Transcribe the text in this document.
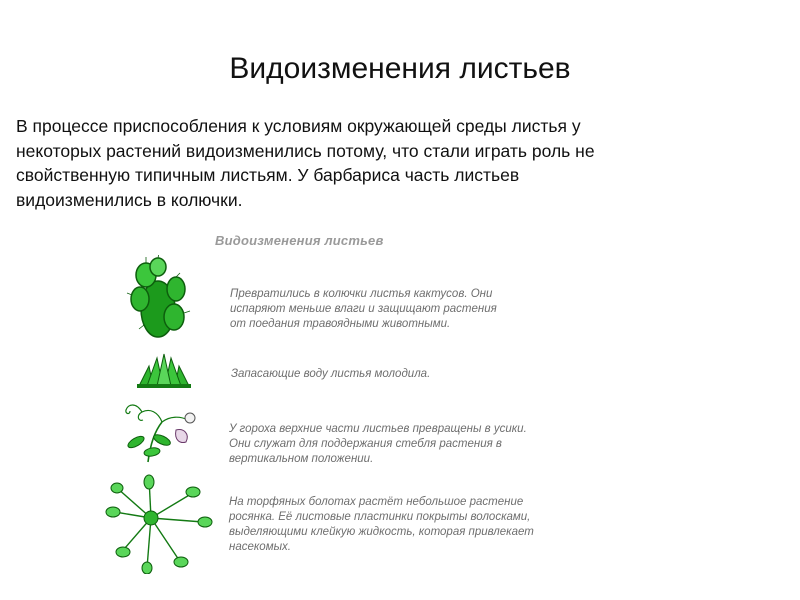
Видоизменения листьев
В процессе приспособления к условиям окружающей среды листья у
некоторых растений видоизменились потому, что стали играть роль не
свойственную типичным листьям. У барбариса часть листьев
видоизменились в колючки.
Видоизменения листьев
Превратились в колючки листья кактусов. Они
испаряют меньше влаги и защищают растения
от поедания травоядными животными.
Запасающие воду листья молодила.
У гороха верхние части листьев превращены в усики.
Они служат для поддержания стебля растения в
вертикальном положении.
На торфяных болотах растёт небольшое растение
росянка. Её листовые пластинки покрыты волосками,
выделяющими клейкую жидкость, которая привлекает
насекомых.
